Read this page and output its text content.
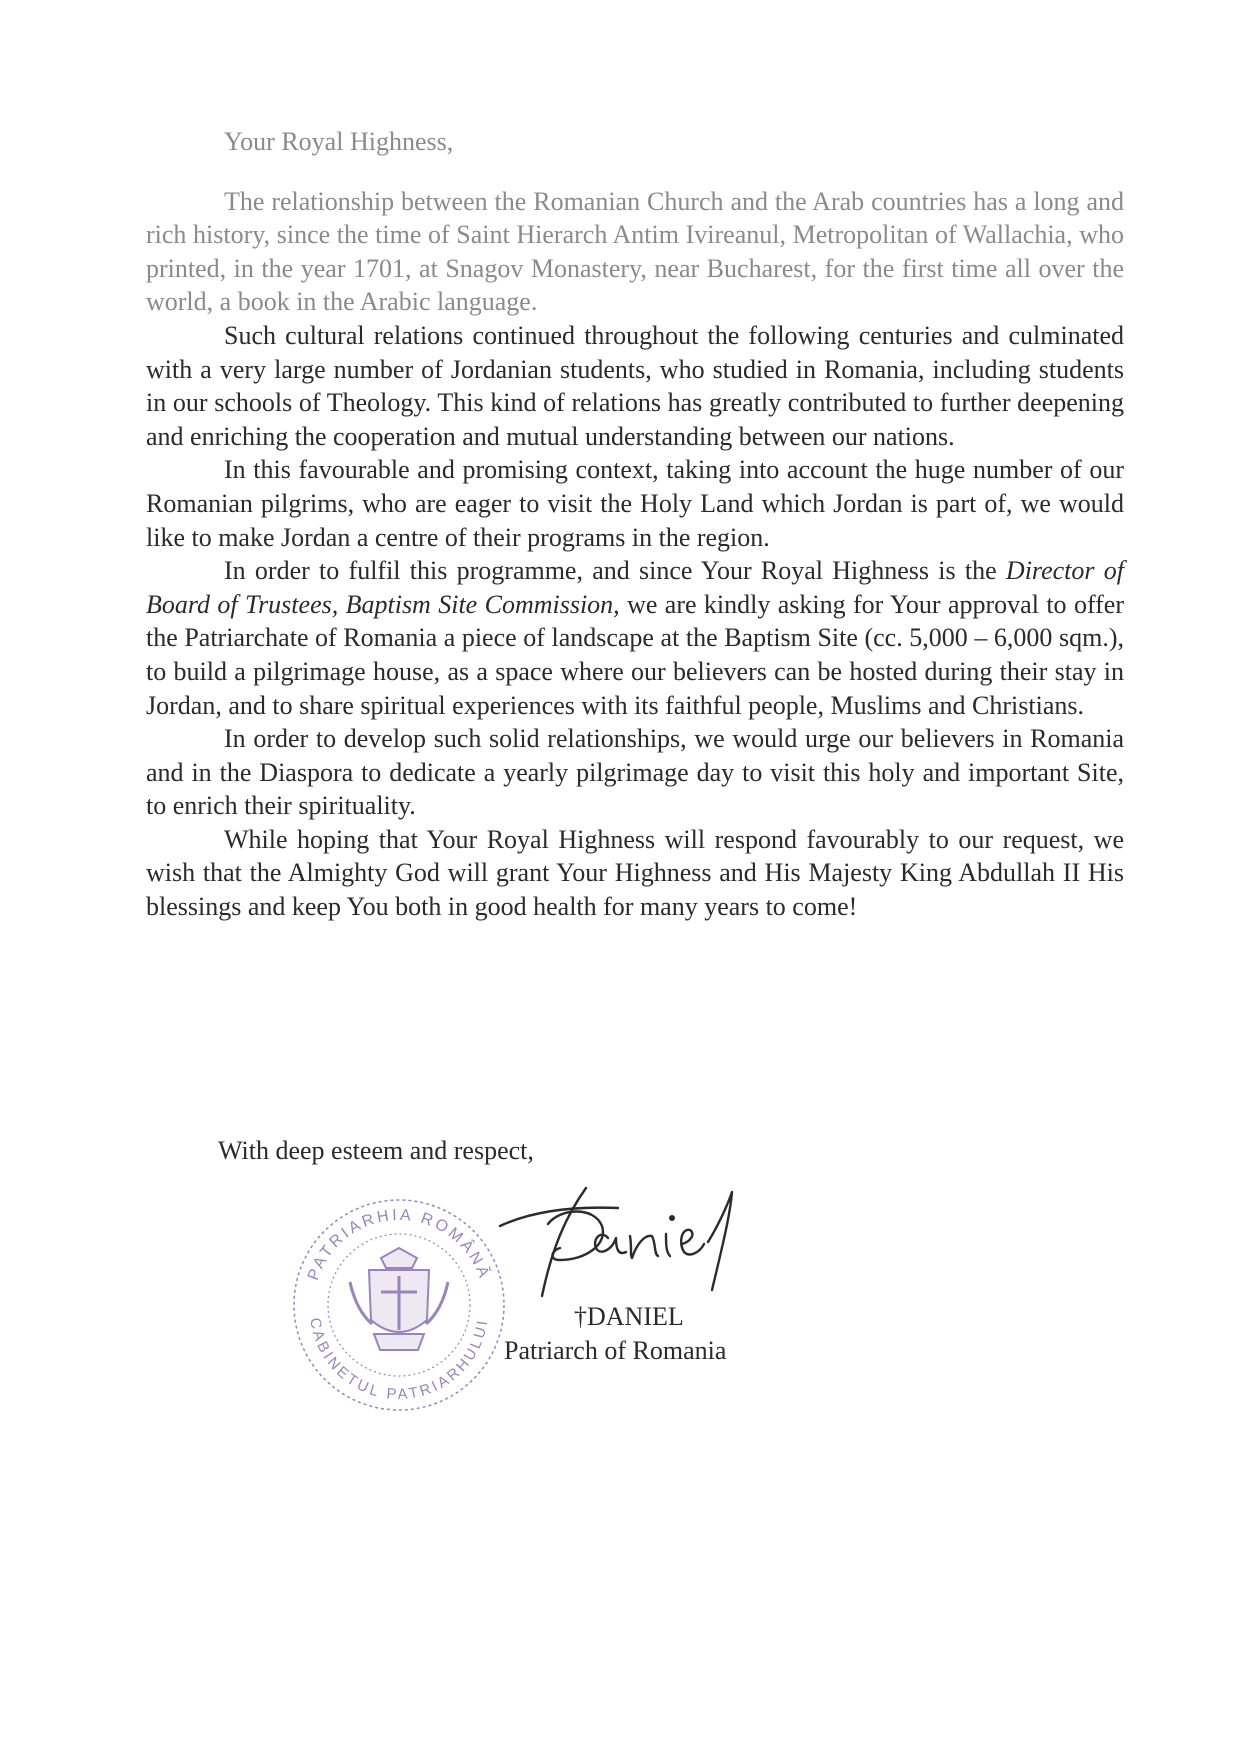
Your Royal Highness,

The relationship between the Romanian Church and the Arab countries has a long and rich history, since the time of Saint Hierarch Antim Ivireanul, Metropolitan of Wallachia, who printed, in the year 1701, at Snagov Monastery, near Bucharest, for the first time all over the world, a book in the Arabic language.

Such cultural relations continued throughout the following centuries and culminated with a very large number of Jordanian students, who studied in Romania, including students in our schools of Theology. This kind of relations has greatly contributed to further deepening and enriching the cooperation and mutual understanding between our nations.

In this favourable and promising context, taking into account the huge number of our Romanian pilgrims, who are eager to visit the Holy Land which Jordan is part of, we would like to make Jordan a centre of their programs in the region.

In order to fulfil this programme, and since Your Royal Highness is the Director of Board of Trustees, Baptism Site Commission, we are kindly asking for Your approval to offer the Patriarchate of Romania a piece of landscape at the Baptism Site (cc. 5,000 – 6,000 sqm.), to build a pilgrimage house, as a space where our believers can be hosted during their stay in Jordan, and to share spiritual experiences with its faithful people, Muslims and Christians.

In order to develop such solid relationships, we would urge our believers in Romania and in the Diaspora to dedicate a yearly pilgrimage day to visit this holy and important Site, to enrich their spirituality.

While hoping that Your Royal Highness will respond favourably to our request, we wish that the Almighty God will grant Your Highness and His Majesty King Abdullah II His blessings and keep You both in good health for many years to come!

With deep esteem and respect,

PATRIARHIA ROMÂNĂ
CABINETUL PATRIARHULUI	†DANIEL

Patriarch of Romania
